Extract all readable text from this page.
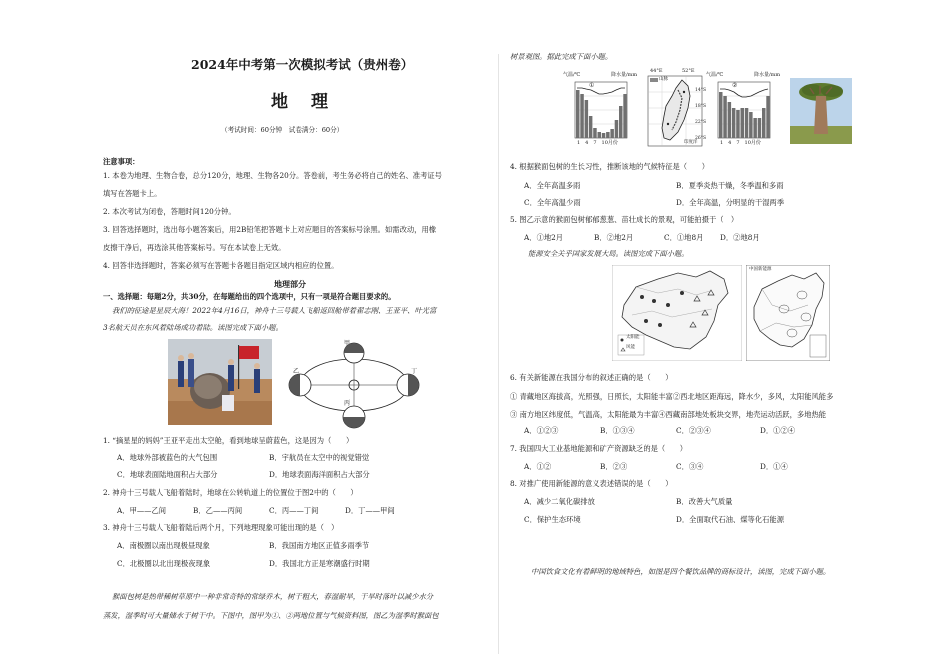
2024年中考第一次模拟考试（贵州卷）
地　理
（考试时间：60分钟　试卷满分：60分）
注意事项：
1. 本卷为地理、生物合卷，总分120分，地理、生物各20分。答卷前，考生务必将自己的姓名、准考证号
填写在答题卡上。
2. 本次考试为闭卷，答题时间120分钟。
3. 回答选择题时，选出每小题答案后，用2B铅笔把答题卡上对应题目的答案标号涂黑。如需改动，用橡
皮擦干净后，再选涂其他答案标号。写在本试卷上无效。
4. 回答非选择题时，答案必须写在答题卡各题目指定区域内相应的位置。
地理部分
一、选择题：每题2分，共30分，在每题给出的四个选项中，只有一项是符合题目要求的。
我们的征途是星辰大海！2022年4月16日，神舟十三号载人飞船返回舱带着翟志刚、王亚平、叶光富
3名航天员在东风着陆场成功着陆。读图完成下面小题。
甲
乙
丙
丁
1. “摘星星的妈妈”王亚平走出太空舱，看到地球呈蔚蓝色，这是因为（　　）
A．地球外部被蓝色的大气包围	B．宇航员在太空中的视觉错觉
C．地球表面陆地面积占大部分	D．地球表面海洋面积占大部分
2. 神舟十三号载人飞船着陆时，地球在公转轨道上的位置位于图2中的（　　）
A．甲——乙间	B．乙——丙间	C．丙——丁间	D．丁——甲间
3. 神舟十三号载人飞船着陆后两个月，下列地理现象可能出现的是（　）
A．南极圈以南出现极昼现象	B．我国南方地区正值多雨季节
C．北极圈以北出现极夜现象	D．我国北方正是寒潮盛行时期
猴面包树是热带稀树草原中一种非常奇特的常绿乔木，树干粗大，春湿耐旱，干旱时落叶以减少水分
蒸发，湿季时可大量储水于树干中。下图中，图甲为①、②两地位置与气候资料图，图乙为湿季时猴面包
树景观图。据此完成下面小题。
气温/℃	降水量/mm
1　4　7　10月份
①
44°E	52°E
山脉
14°S
18°S
22°S
26°S
印度洋
气温/℃	降水量/mm
1　4　7　10月份
②
4. 根据猴面包树的生长习性，推断该地的气候特征是（　　）
A．全年高温多雨	B．夏季炎热干燥，冬季温和多雨
C．全年高温少雨	D．全年高温，分明显的干湿两季
5. 图乙示意的猴面包树郁郁葱葱、苗壮成长的景观，可能拍摄于（　）
A．①地2月	B．②地2月	C．①地8月 D．②地8月
能源安全关乎国家发展大局。读图完成下面小题。
太阳能
风能
中国新能源
6. 有关新能源在我国分布的叙述正确的是（　　）
① 青藏地区海拔高，光照强，日照长，太阳能丰富②西北地区距海远，降水少，多风，太阳能风能多
③ 南方地区纬度低，气温高，太阳能最为丰富④西藏南部地处板块交界，地壳运动活跃，多地热能
A．①②③	B．①③④	C．②③④	D．①②④
7. 我国四大工业基地能源和矿产资源缺乏的是（　　）
A．①②	B．②③	C．③④	D．①④
8. 对推广使用新能源的意义表述错误的是（　　）
A．减少二氧化碳排放	B．改善大气质量
C．保护生态环境	D．全面取代石油、煤等化石能源
中国饮食文化有着鲜明的地域特色，如图是四个餐饮品牌的商标设计，读图，完成下面小题。
